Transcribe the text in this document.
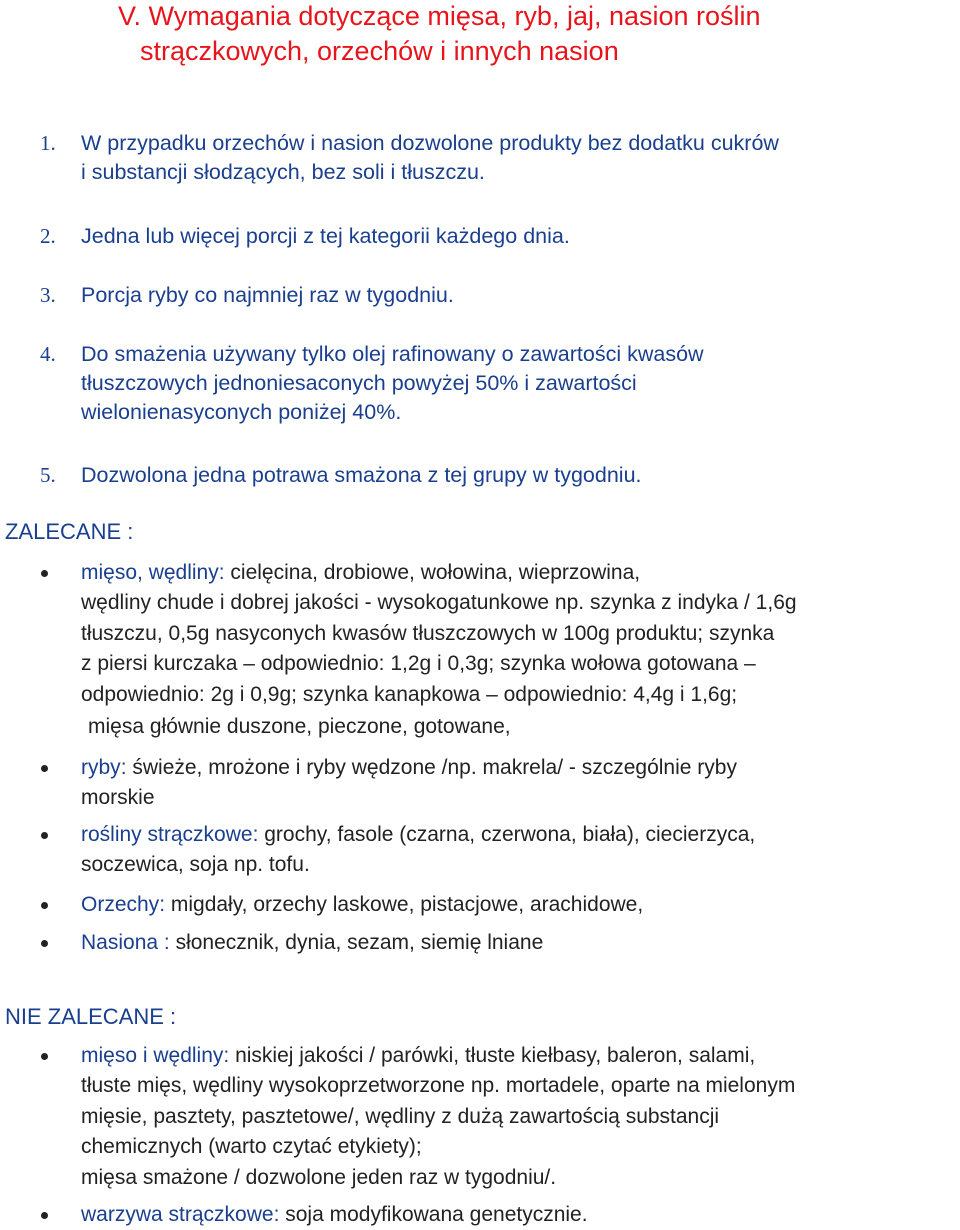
V. Wymagania dotyczące mięsa, ryb, jaj, nasion roślin
strączkowych, orzechów i innych nasion
1. W przypadku orzechów i nasion dozwolone produkty bez dodatku cukrów
i substancji słodzących, bez soli i tłuszczu.
2. Jedna lub więcej porcji z tej kategorii każdego dnia.
3. Porcja ryby co najmniej raz w tygodniu.
4. Do smażenia używany tylko olej rafinowany o zawartości kwasów
tłuszczowych jednoniesaconych powyżej 50% i zawartości
wielonienasyconych poniżej 40%.
5. Dozwolona jedna potrawa smażona z tej grupy w tygodniu.
ZALECANE :
mięso, wędliny: cielęcina, drobiowe, wołowina, wieprzowina,
wędliny chude i dobrej jakości - wysokogatunkowe np. szynka z indyka / 1,6g
tłuszczu, 0,5g nasyconych kwasów tłuszczowych w 100g produktu; szynka
z piersi kurczaka – odpowiednio: 1,2g i 0,3g; szynka wołowa gotowana –
odpowiednio: 2g i 0,9g; szynka kanapkowa – odpowiednio: 4,4g i 1,6g;
mięsa głównie duszone, pieczone, gotowane,
ryby: świeże, mrożone i ryby wędzone /np. makrela/ - szczególnie ryby
morskie
rośliny strączkowe: grochy, fasole (czarna, czerwona, biała), ciecierzyca,
soczewica, soja np. tofu.
Orzechy: migdały, orzechy laskowe, pistacjowe, arachidowe,
Nasiona : słonecznik, dynia, sezam, siemię lniane
NIE ZALECANE :
mięso i wędliny: niskiej jakości / parówki, tłuste kiełbasy, baleron, salami,
tłuste mięs, wędliny wysokoprzetworzone np. mortadele, oparte na mielonym
mięsie, pasztety, pasztetowe/, wędliny z dużą zawartością substancji
chemicznych (warto czytać etykiety);
mięsa smażone / dozwolone jeden raz w tygodniu/.
warzywa strączkowe: soja modyfikowana genetycznie.
